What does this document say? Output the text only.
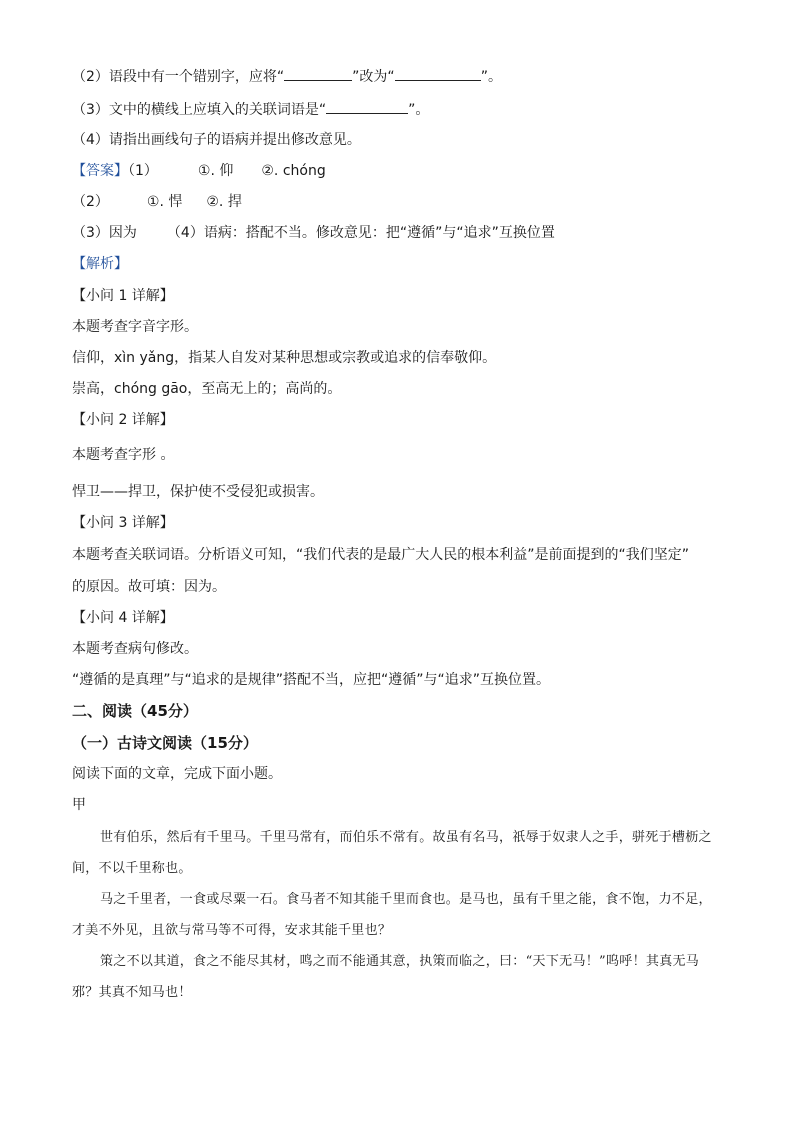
（2）语段中有一个错别字，应将“	”改为“	”。
（3）文中的横线上应填入的关联词语是“	”。
（4）请指出画线句子的语病并提出修改意见。
【答案】（1）	①. 仰 ②. chóng
（2）	①. 悍 ②. 捍
（3）因为 （4）语病：搭配不当。修改意见：把“遵循”与“追求”互换位置
【解析】
【小问 1 详解】
本题考查字音字形。
信仰，xìn yǎng，指某人自发对某种思想或宗教或追求的信奉敬仰。
崇高，chóng gāo，至高无上的；高尚的。
【小问 2 详解】
本题考查字形 。
悍卫——捍卫，保护使不受侵犯或损害。
【小问 3 详解】
本题考查关联词语。分析语义可知，“我们代表的是最广大人民的根本利益”是前面提到的“我们坚定”
的原因。故可填：因为。
【小问 4 详解】
本题考查病句修改。
“遵循的是真理”与“追求的是规律”搭配不当，应把“遵循”与“追求”互换位置。
二、阅读（45分）
（一）古诗文阅读（15分）
阅读下面的文章，完成下面小题。
甲
世有伯乐，然后有千里马。千里马常有，而伯乐不常有。故虽有名马，祇辱于奴隶人之手，骈死于槽枥之间，不以千里称也。
马之千里者，一食或尽粟一石。食马者不知其能千里而食也。是马也，虽有千里之能，食不饱，力不足，才美不外见，且欲与常马等不可得，安求其能千里也？
策之不以其道，食之不能尽其材，鸣之而不能通其意，执策而临之，曰：“天下无马！”呜呼！其真无马邪？其真不知马也！
